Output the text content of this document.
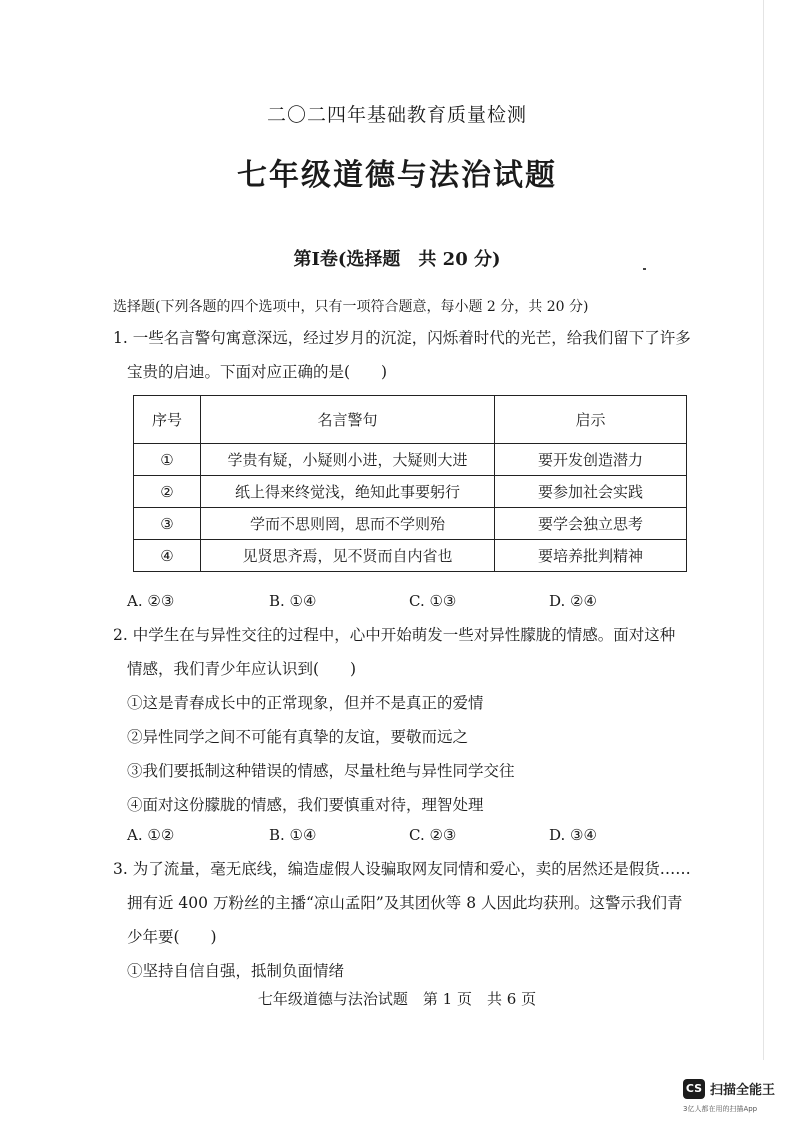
二〇二四年基础教育质量检测
七年级道德与法治试题
第Ⅰ卷(选择题　共 20 分)
选择题(下列各题的四个选项中，只有一项符合题意，每小题 2 分，共 20 分)

1. 一些名言警句寓意深远，经过岁月的沉淀，闪烁着时代的光芒，给我们留下了许多

宝贵的启迪。下面对应正确的是(　　)

序号	名言警句	启示
①	学贵有疑，小疑则小进，大疑则大进	要开发创造潜力
②	纸上得来终觉浅，绝知此事要躬行	要参加社会实践
③	学而不思则罔，思而不学则殆	要学会独立思考
④	见贤思齐焉，见不贤而自内省也	要培养批判精神
A. ②③	B. ①④	C. ①③	D. ②④

2. 中学生在与异性交往的过程中，心中开始萌发一些对异性朦胧的情感。面对这种

情感，我们青少年应认识到(　　)

①这是青春成长中的正常现象，但并不是真正的爱情

②异性同学之间不可能有真挚的友谊，要敬而远之

③我们要抵制这种错误的情感，尽量杜绝与异性同学交往

④面对这份朦胧的情感，我们要慎重对待，理智处理

A. ①②	B. ①④	C. ②③	D. ③④

3. 为了流量，毫无底线，编造虚假人设骗取网友同情和爱心，卖的居然还是假货……

拥有近 400 万粉丝的主播“凉山孟阳”及其团伙等 8 人因此均获刑。这警示我们青

少年要(　　)

①坚持自信自强，抵制负面情绪

七年级道德与法治试题　第 1 页　共 6 页
CS 扫描全能王
3亿人都在用的扫描App
